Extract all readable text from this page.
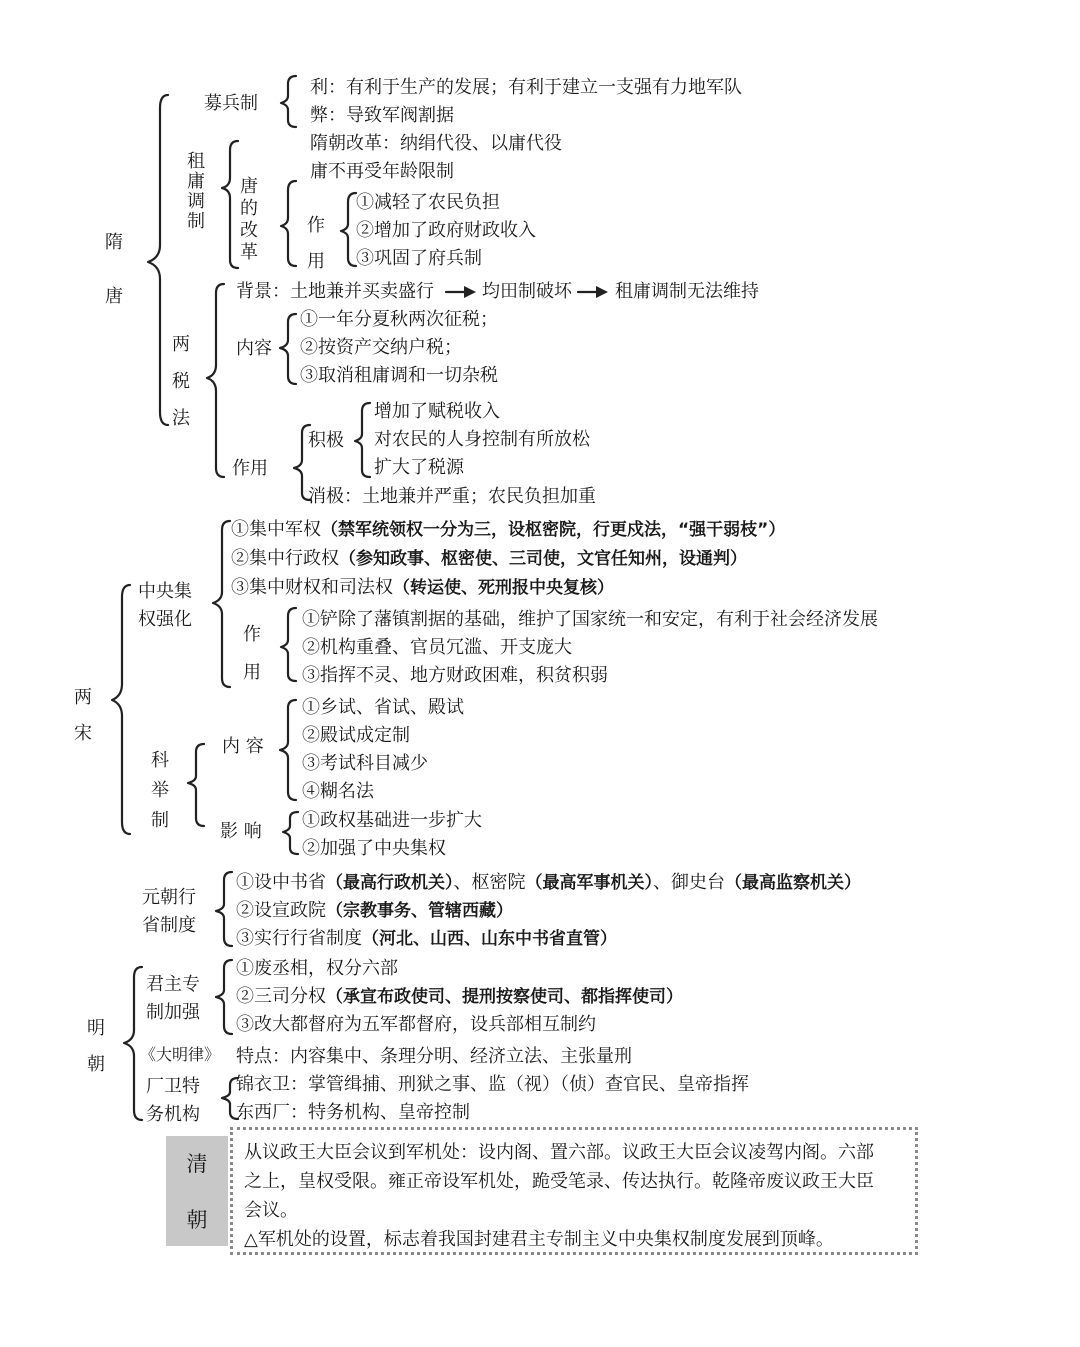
隋
唐
募兵制
利：有利于生产的发展；有利于建立一支强有力地军队
弊：导致军阀割据
租
庸
调
制
隋朝改革：纳绢代役、以庸代役
唐
的
改
革
庸不再受年龄限制
作
用
①减轻了农民负担
②增加了政府财政收入
③巩固了府兵制
两
税
法
背景： 土地兼并买卖盛行	均田制破坏 租庸调制无法维持
内容
①一年分夏秋两次征税；
②按资产交纳户税；
③取消租庸调和一切杂税
作用
积极
增加了赋税收入
对农民的人身控制有所放松
扩大了税源
消极：土地兼并严重；农民负担加重
两
宋
中央集
权强化
①集中军权（禁军统领权一分为三，设枢密院，行更戍法，“强干弱枝”）
②集中行政权（参知政事、枢密使、三司使，文官任知州，设通判）
③集中财权和司法权（转运使、死刑报中央复核）
作
用
①铲除了藩镇割据的基础，维护了国家统一和安定，有利于社会经济发展
②机构重叠、官员冗滥、开支庞大
③指挥不灵、地方财政困难，积贫积弱
科
举
制
内 容
①乡试、省试、殿试
②殿试成定制
③考试科目减少
④糊名法
影 响
①政权基础进一步扩大
②加强了中央集权
元朝行
省制度
①设中书省（最高行政机关）、枢密院（最高军事机关）、御史台（最高监察机关）
②设宣政院（宗教事务、管辖西藏）
③实行行省制度（河北、山西、山东中书省直管）
明
朝
君主专
制加强
①废丞相，权分六部
②三司分权（承宣布政使司、提刑按察使司、都指挥使司）
③改大都督府为五军都督府，设兵部相互制约
《大明律》 特点：内容集中、条理分明、经济立法、主张量刑
厂卫特
务机构
锦衣卫：掌管缉捕、刑狱之事、监（视）（侦）查官民、皇帝指挥
东西厂：特务机构、皇帝控制
清
朝
从议政王大臣会议到军机处：设内阁、置六部。议政王大臣会议凌驾内阁。六部
之上，皇权受限。雍正帝设军机处，跪受笔录、传达执行。乾隆帝废议政王大臣
会议。
△军机处的设置，标志着我国封建君主专制主义中央集权制度发展到顶峰。
